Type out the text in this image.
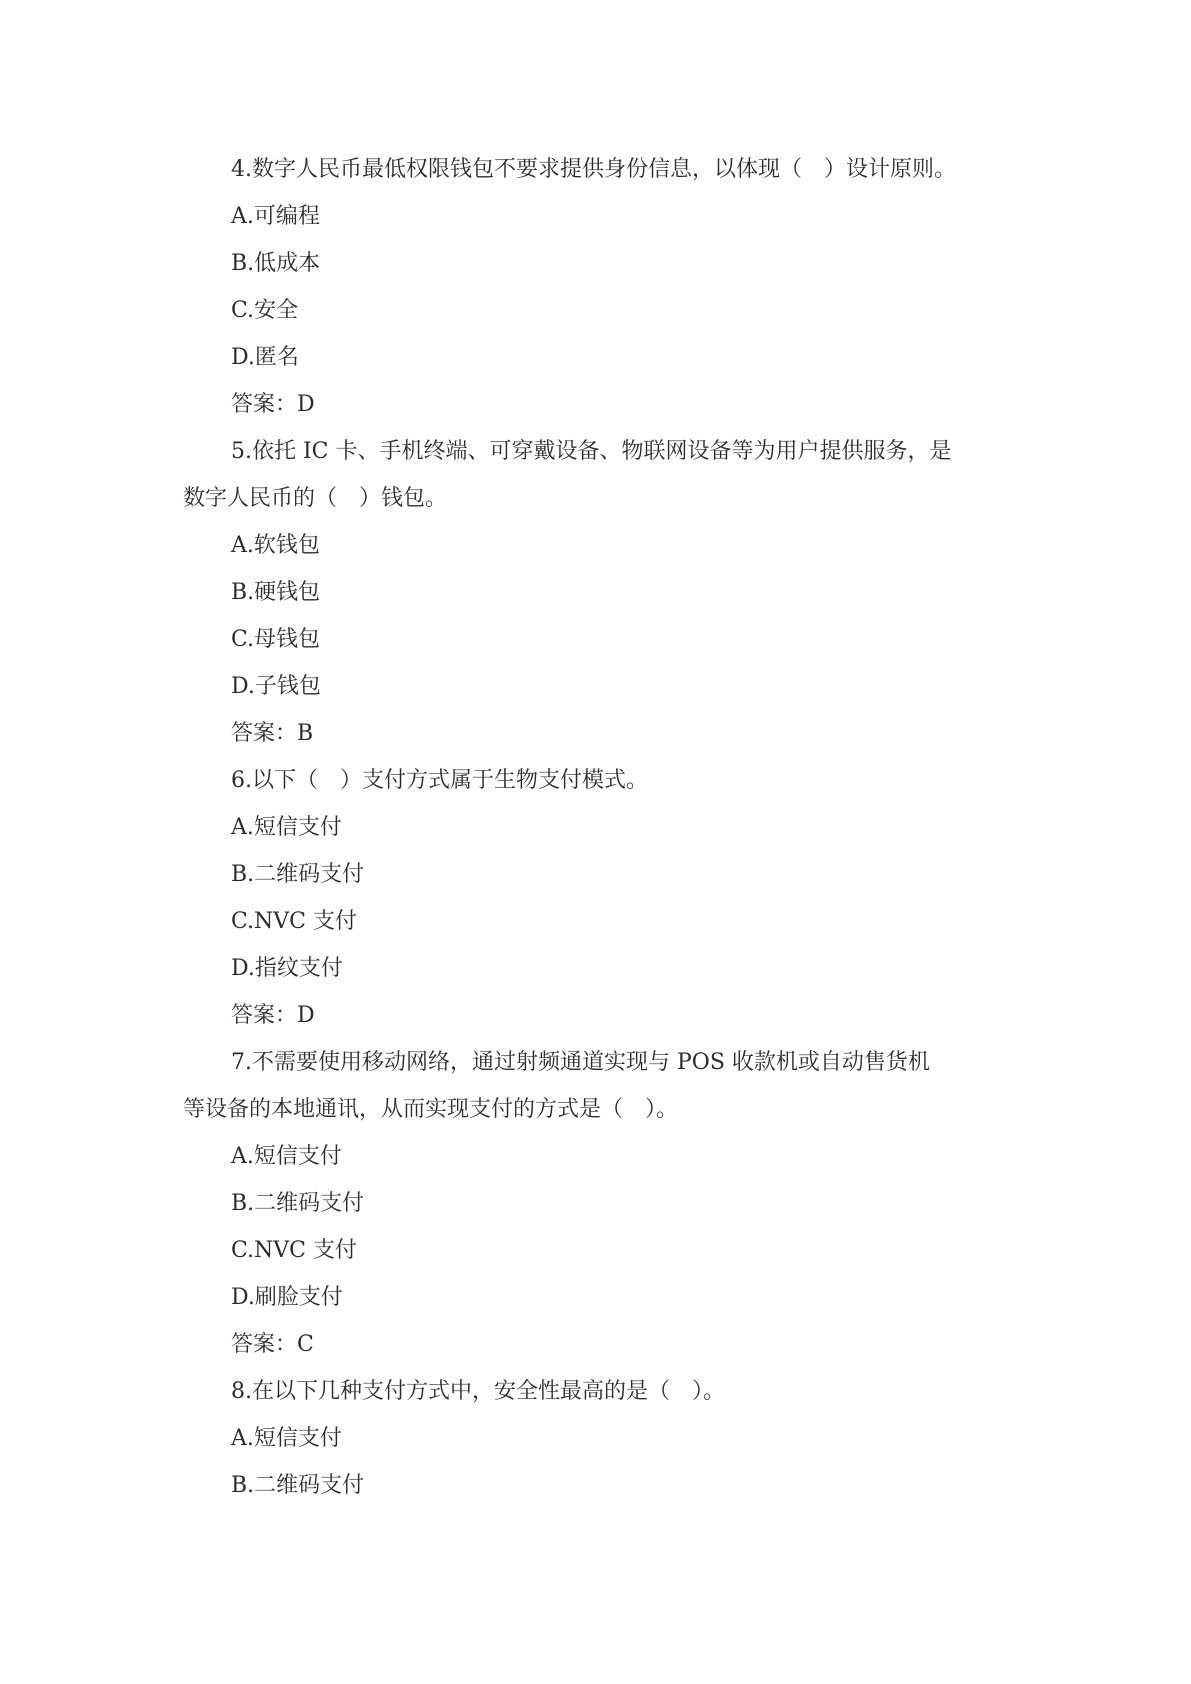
4.数字人民币最低权限钱包不要求提供身份信息，以体现（　）设计原则。
A.可编程
B.低成本
C.安全
D.匿名
答案：D
5.依托 IC 卡、手机终端、可穿戴设备、物联网设备等为用户提供服务，是
数字人民币的（　）钱包。
A.软钱包
B.硬钱包
C.母钱包
D.子钱包
答案：B
6.以下（　）支付方式属于生物支付模式。
A.短信支付
B.二维码支付
C.NVC 支付
D.指纹支付
答案：D
7.不需要使用移动网络，通过射频通道实现与 POS 收款机或自动售货机
等设备的本地通讯，从而实现支付的方式是（　）。
A.短信支付
B.二维码支付
C.NVC 支付
D.刷脸支付
答案：C
8.在以下几种支付方式中，安全性最高的是（　）。
A.短信支付
B.二维码支付
